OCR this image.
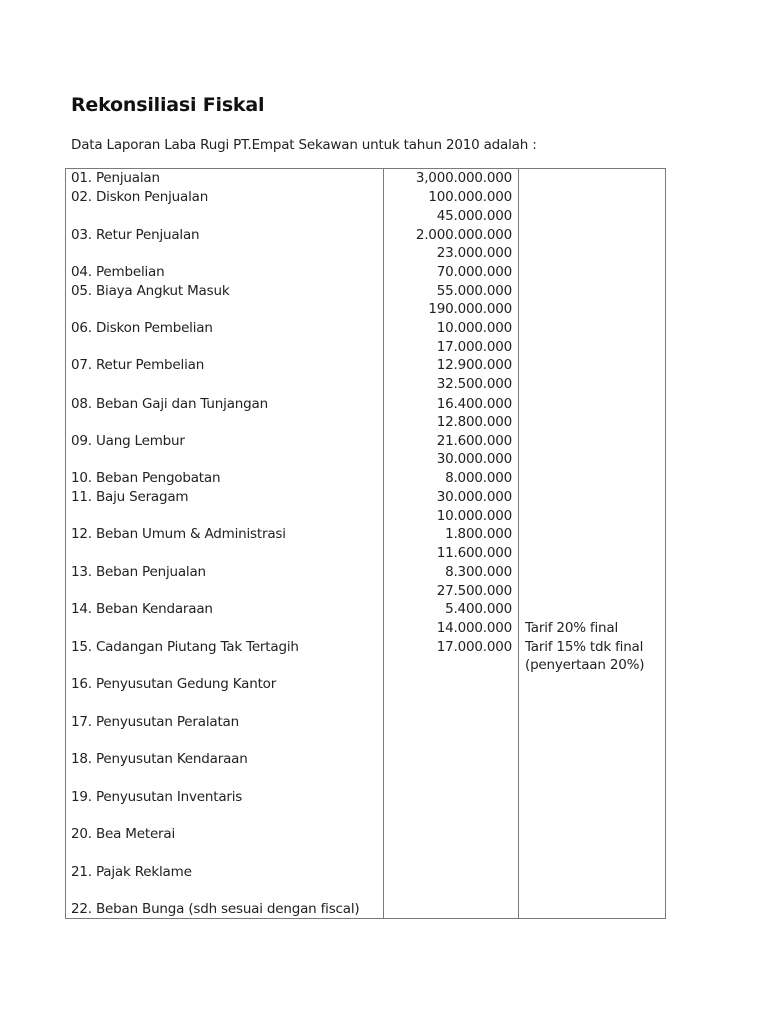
Rekonsiliasi Fiskal
Data Laporan Laba Rugi PT.Empat Sekawan untuk tahun 2010 adalah :
01. Penjualan
02. Diskon Penjualan
03. Retur Penjualan
04. Pembelian
05. Biaya Angkut Masuk
06. Diskon Pembelian
07. Retur Pembelian
08. Beban Gaji dan Tunjangan
09. Uang Lembur
10. Beban Pengobatan
11. Baju Seragam
12. Beban Umum & Administrasi
13. Beban Penjualan
14. Beban Kendaraan
15. Cadangan Piutang Tak Tertagih
16. Penyusutan Gedung Kantor
17. Penyusutan Peralatan
18. Penyusutan Kendaraan
19. Penyusutan Inventaris
20. Bea Meterai
21. Pajak Reklame
22. Beban Bunga (sdh sesuai dengan fiscal)
3,000.000.000
100.000.000
45.000.000
2.000.000.000
23.000.000
70.000.000
55.000.000
190.000.000
10.000.000
17.000.000
12.900.000
32.500.000
16.400.000
12.800.000
21.600.000
30.000.000
8.000.000
30.000.000
10.000.000
1.800.000
11.600.000
8.300.000
27.500.000
5.400.000
14.000.000
17.000.000
Tarif 20% final
Tarif 15% tdk final
(penyertaan 20%)
